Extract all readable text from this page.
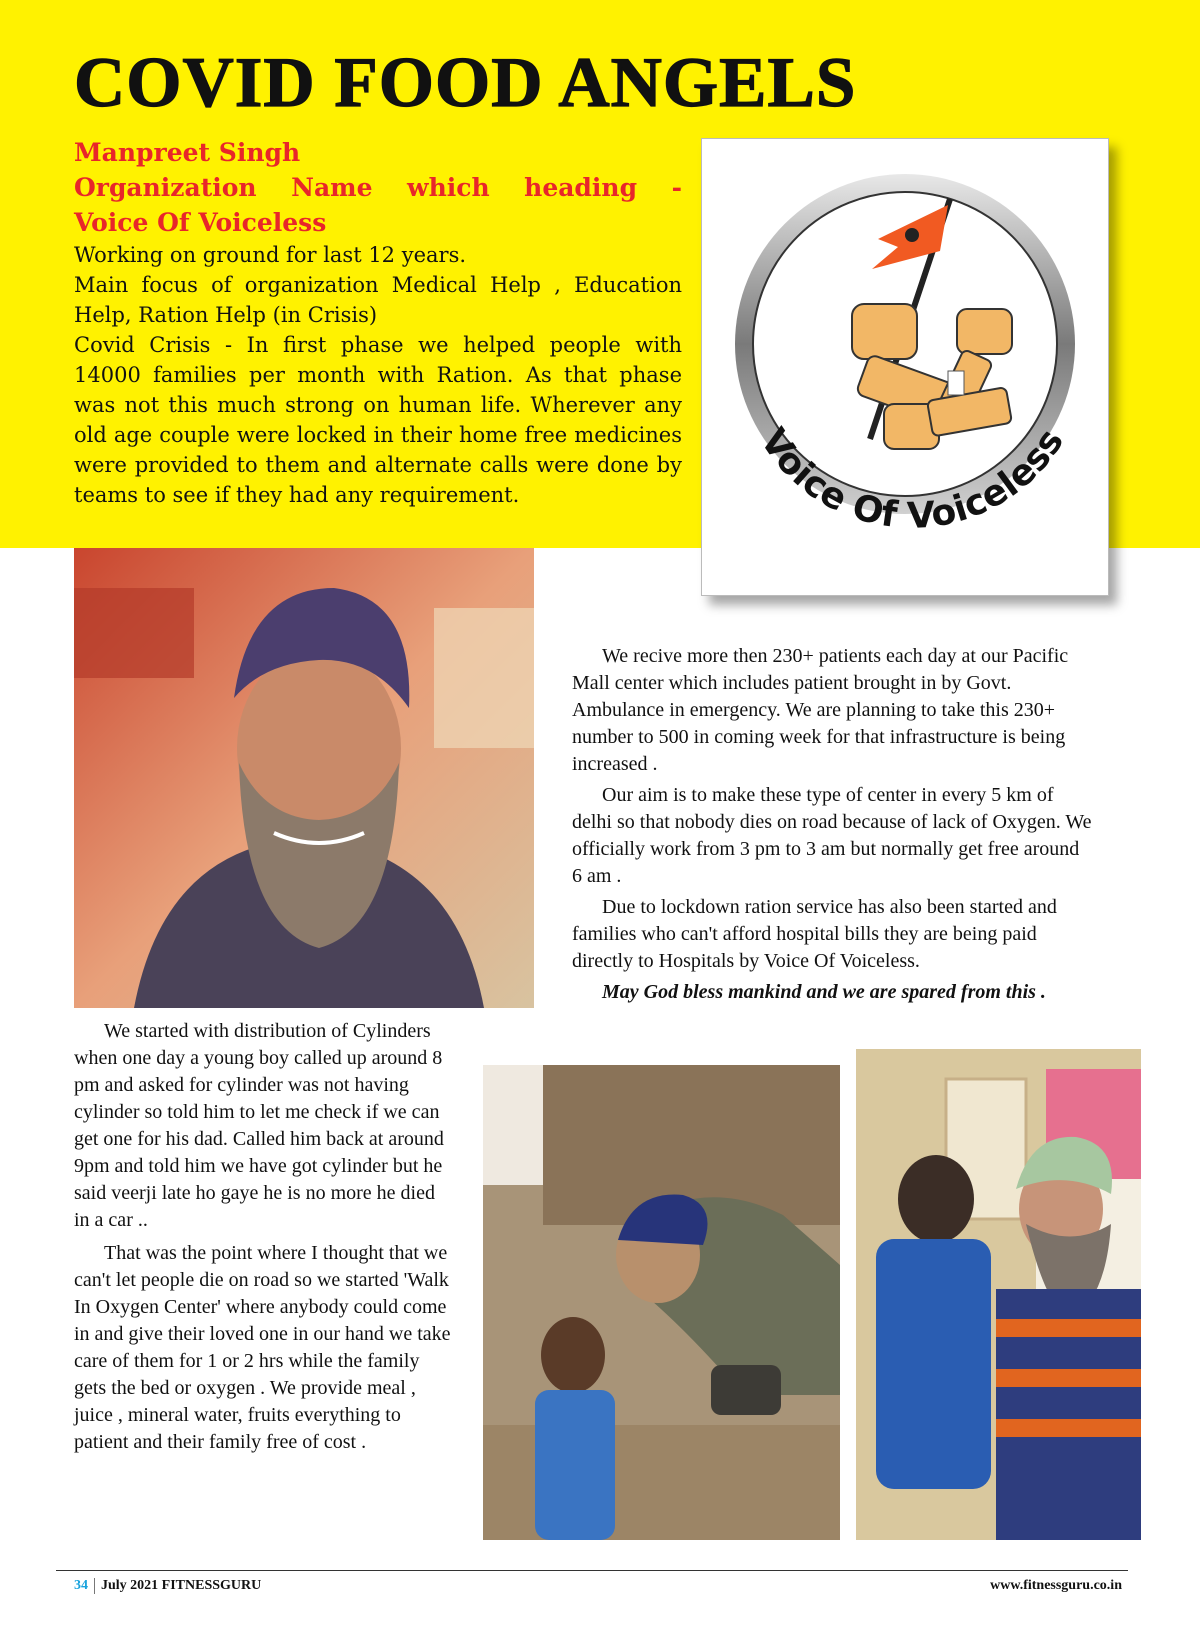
COVID FOOD ANGELS
Manpreet Singh
Organization Name which heading -
Voice Of Voiceless

Working on ground for last 12 years.

Main focus of organization Medical Help , Education Help, Ration Help (in Crisis)

Covid Crisis - In first phase we helped people with 14000 families per month with Ration. As that phase was not this much strong on human life. Wherever any old age couple were locked in their home free medicines were provided to them and alternate calls were done by teams to see if they had any requirement.

Voice Of Voiceless

We recive more then 230+ patients each day at our Pacific Mall center which includes patient brought in by Govt. Ambulance in emergency. We are planning to take this 230+ number to 500 in coming week for that infrastructure is being increased .

Our aim is to make these type of center in every 5 km of delhi so that nobody dies on road because of lack of Oxygen. We officially work from 3 pm to 3 am but normally get free around 6 am .

Due to lockdown ration service has also been started and families who can't afford hospital bills they are being paid directly to Hospitals by Voice Of Voiceless.

May God bless mankind and we are spared from this .

We started with distribution of Cylinders when one day a young boy called up around 8 pm and asked for cylinder was not having cylinder so told him to let me check if we can get one for his dad. Called him back at around 9pm and told him we have got cylinder but he said veerji late ho gaye he is no more he died in a car ..

That was the point where I thought that we can't let people die on road so we started 'Walk In Oxygen Center' where anybody could come in and give their loved one in our hand we take care of them for 1 or 2 hrs while the family gets the bed or oxygen . We provide meal , juice , mineral water, fruits everything to patient and their family free of cost .

34 July 2021 FITNESSGURU	www.fitnessguru.co.in
